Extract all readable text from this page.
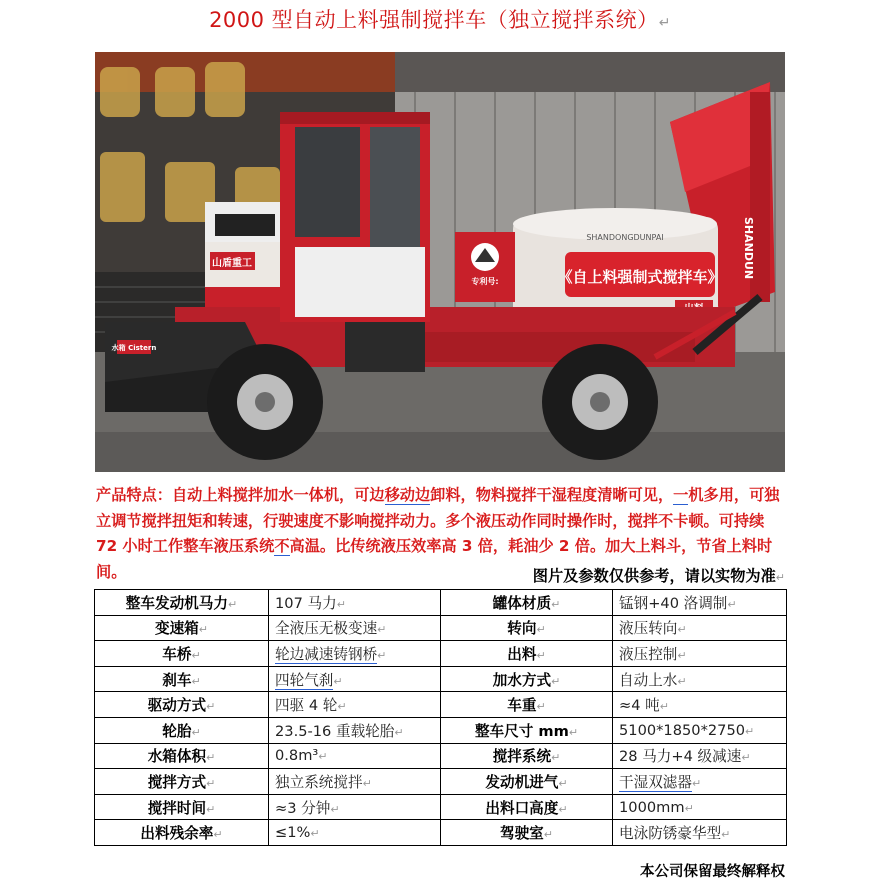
2000 型自动上料强制搅拌车（独立搅拌系统）↵
《自上料强制式搅拌车》
SHANDONGDUNPAI	SHANDUN
专利号:
水箱 Cistern
山盾重工
产品特点：自动上料搅拌加水一体机，可边移动边卸料，物料搅拌干湿程度清晰可见，一机多用，可独立调节搅拌扭矩和转速，行驶速度不影响搅拌动力。多个液压动作同时操作时，搅拌不卡顿。可持续 72 小时工作整车液压系统不高温。比传统液压效率高 3 倍，耗油少 2 倍。加大上料斗，节省上料时间。	图片及参数仅供参考，请以实物为准↵
整车发动机马力↵	107 马力↵	罐体材质↵	锰钢+40 洛调制↵
变速箱↵	全液压无极变速↵	转向↵	液压转向↵
车桥↵	轮边减速铸钢桥↵	出料↵	液压控制↵
刹车↵	四轮气刹↵	加水方式↵	自动上水↵
驱动方式↵	四驱 4 轮↵	车重↵	≈4 吨↵
轮胎↵	23.5-16 重载轮胎↵	整车尺寸 mm↵	5100*1850*2750↵
水箱体积↵	0.8m³↵	搅拌系统↵	28 马力+4 级减速↵
搅拌方式↵	独立系统搅拌↵	发动机进气↵	干湿双滤器↵
搅拌时间↵	≈3 分钟↵	出料口高度↵	1000mm↵
出料残余率↵	≤1%↵	驾驶室↵	电泳防锈豪华型↵
本公司保留最终解释权
